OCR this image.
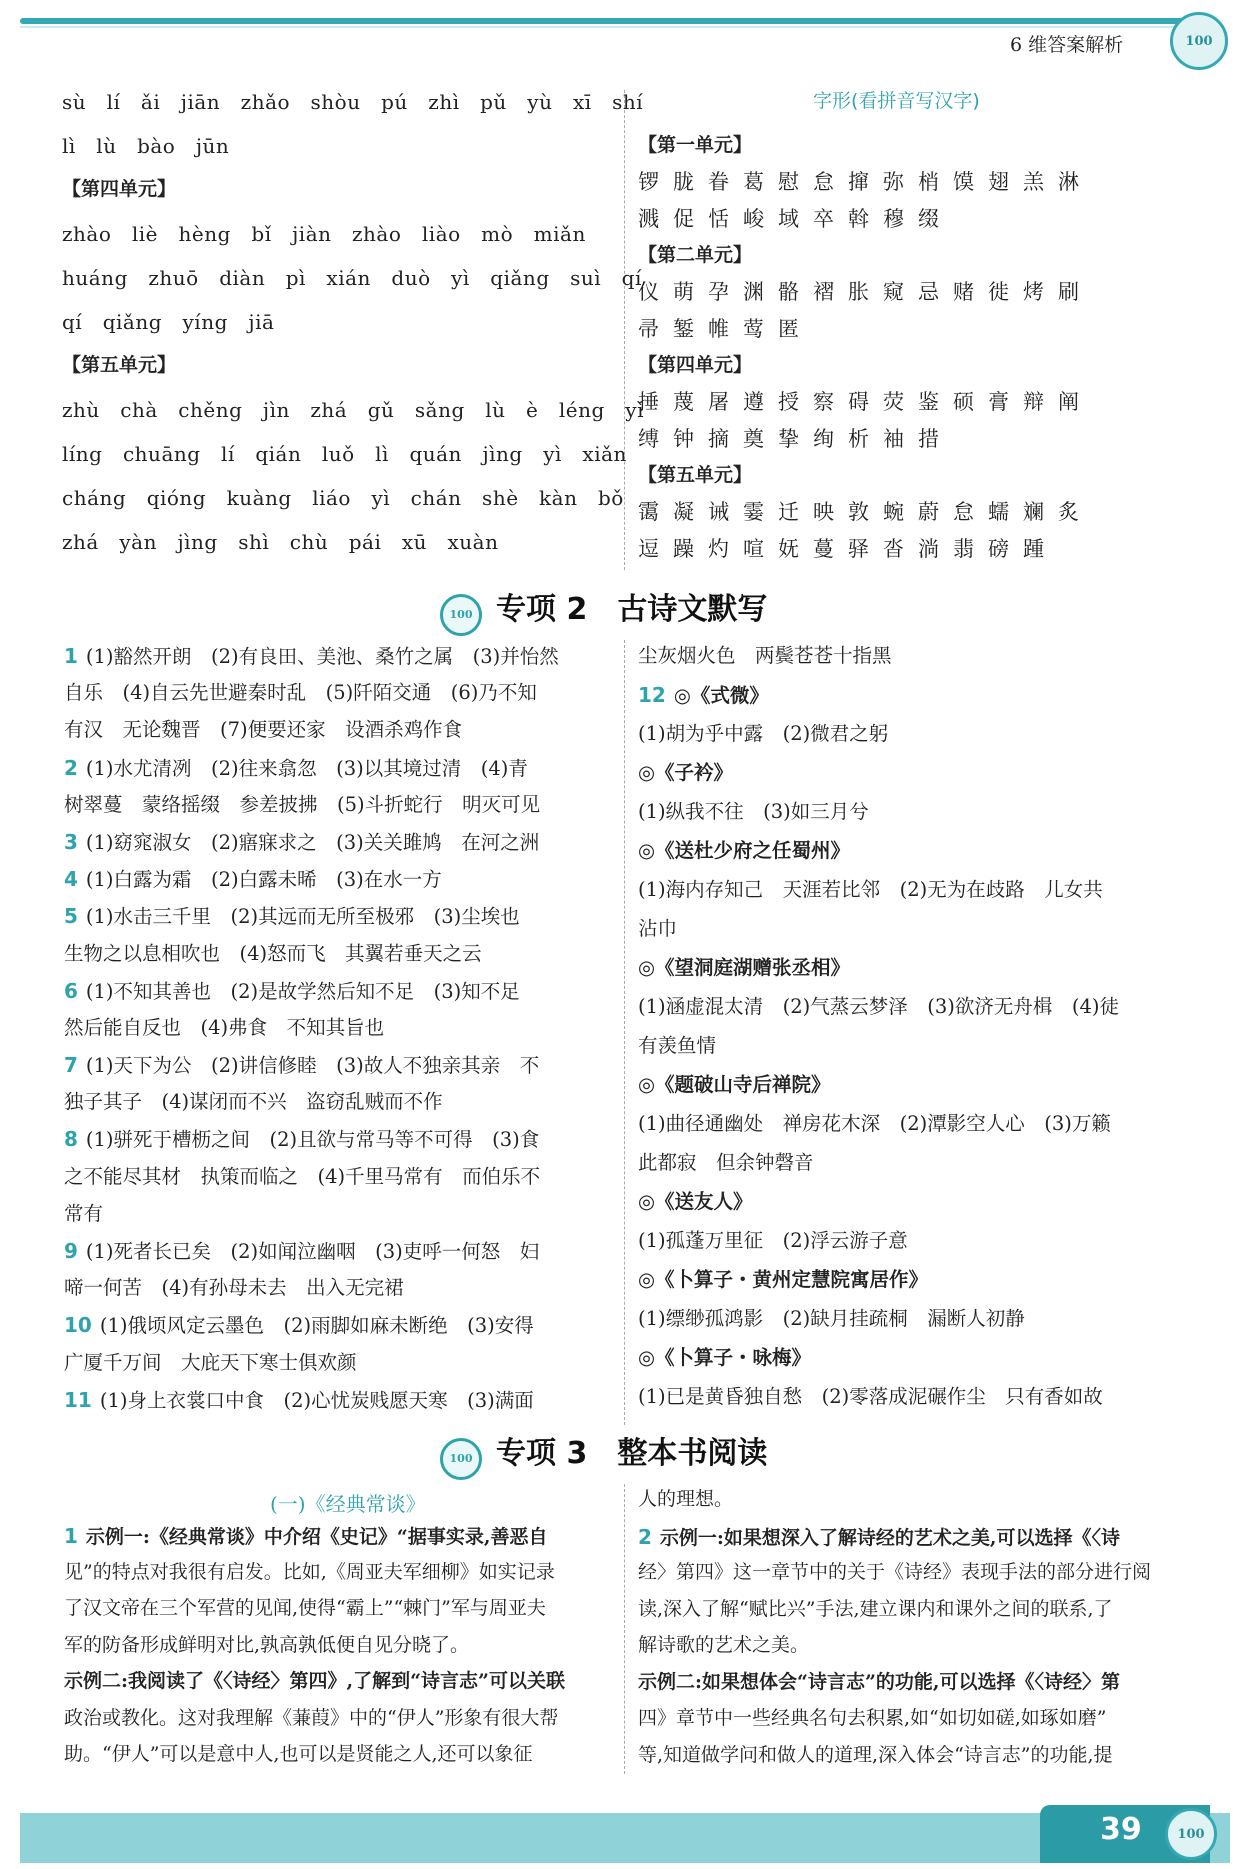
6 维答案解析	100
sù　lí　ǎi　jiān　zhǎo　shòu　pú　zhì　pǔ　yù　xī　shí
lì　lù　bào　jūn
【第四单元】
zhào　liè　hèng　bǐ　jiàn　zhào　liào　mò　miǎn
huáng　zhuō　diàn　pì　xián　duò　yì　qiǎng　suì　qí
qí　qiǎng　yíng　jiā
【第五单元】
zhù　chà　chěng　jìn　zhá　gǔ　sǎng　lù　è　léng　yì
líng　chuāng　lí　qián　luǒ　lì　quán　jìng　yì　xiǎn
cháng　qióng　kuàng　liáo　yì　chán　shè　kàn　bǒ
zhá　yàn　jìng　shì　chù　pái　xū　xuàn
字形(看拼音写汉字)
【第一单元】
锣胧眷葛慰怠撺弥梢馍翅羔淋
溅促恬峻域卒斡穆缀
【第二单元】
仪萌孕渊骼褶胀窥忌赌徙烤刷
帚錾帷莺匿
【第四单元】
捶蔑屠遵授察碍荧鉴硕膏辩阐
缚钟摘奠挚绚析袖措
【第五单元】
霭凝诫霎迁映敦蜿蔚怠蠕斓炙
逗躁灼喧妩蔓驿沓淌翡磅踵
100 专项 2　古诗文默写
1 (1)豁然开朗　(2)有良田、美池、桑竹之属　(3)并怡然
自乐　(4)自云先世避秦时乱　(5)阡陌交通　(6)乃不知
有汉　无论魏晋　(7)便要还家　设酒杀鸡作食
2 (1)水尤清冽　(2)往来翕忽　(3)以其境过清　(4)青
树翠蔓　蒙络摇缀　参差披拂　(5)斗折蛇行　明灭可见
3 (1)窈窕淑女　(2)寤寐求之　(3)关关雎鸠　在河之洲
4 (1)白露为霜　(2)白露未晞　(3)在水一方
5 (1)水击三千里　(2)其远而无所至极邪　(3)尘埃也
生物之以息相吹也　(4)怒而飞　其翼若垂天之云
6 (1)不知其善也　(2)是故学然后知不足　(3)知不足
然后能自反也　(4)弗食　不知其旨也
7 (1)天下为公　(2)讲信修睦　(3)故人不独亲其亲　不
独子其子　(4)谋闭而不兴　盗窃乱贼而不作
8 (1)骈死于槽枥之间　(2)且欲与常马等不可得　(3)食
之不能尽其材　执策而临之　(4)千里马常有　而伯乐不
常有
9 (1)死者长已矣　(2)如闻泣幽咽　(3)吏呼一何怒　妇
啼一何苦　(4)有孙母未去　出入无完裙
10 (1)俄顷风定云墨色　(2)雨脚如麻未断绝　(3)安得
广厦千万间　大庇天下寒士俱欢颜
11 (1)身上衣裳口中食　(2)心忧炭贱愿天寒　(3)满面
尘灰烟火色　两鬓苍苍十指黑
12 ◎《式微》
(1)胡为乎中露　(2)微君之躬
◎《子衿》
(1)纵我不往　(3)如三月兮
◎《送杜少府之任蜀州》
(1)海内存知己　天涯若比邻　(2)无为在歧路　儿女共
沾巾
◎《望洞庭湖赠张丞相》
(1)涵虚混太清　(2)气蒸云梦泽　(3)欲济无舟楫　(4)徒
有羡鱼情
◎《题破山寺后禅院》
(1)曲径通幽处　禅房花木深　(2)潭影空人心　(3)万籁
此都寂　但余钟磬音
◎《送友人》
(1)孤蓬万里征　(2)浮云游子意
◎《卜算子・黄州定慧院寓居作》
(1)缥缈孤鸿影　(2)缺月挂疏桐　漏断人初静
◎《卜算子・咏梅》
(1)已是黄昏独自愁　(2)零落成泥碾作尘　只有香如故
100 专项 3　整本书阅读
(一)《经典常谈》
1 示例一:《经典常谈》中介绍《史记》“据事实录,善恶自
见”的特点对我很有启发。比如,《周亚夫军细柳》如实记录
了汉文帝在三个军营的见闻,使得“霸上”“棘门”军与周亚夫
军的防备形成鲜明对比,孰高孰低便自见分晓了。
示例二:我阅读了《〈诗经〉第四》,了解到“诗言志”可以关联
政治或教化。这对我理解《蒹葭》中的“伊人”形象有很大帮
助。“伊人”可以是意中人,也可以是贤能之人,还可以象征
人的理想。
2 示例一:如果想深入了解诗经的艺术之美,可以选择《〈诗
经〉第四》这一章节中的关于《诗经》表现手法的部分进行阅
读,深入了解“赋比兴”手法,建立课内和课外之间的联系,了
解诗歌的艺术之美。
示例二:如果想体会“诗言志”的功能,可以选择《〈诗经〉第
四》章节中一些经典名句去积累,如“如切如磋,如琢如磨”
等,知道做学问和做人的道理,深入体会“诗言志”的功能,提
39	100
